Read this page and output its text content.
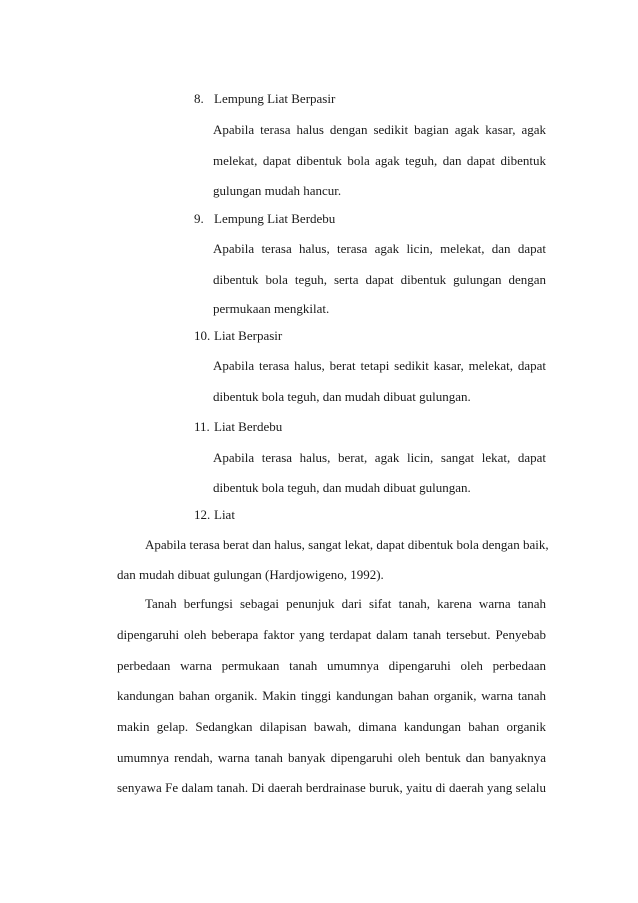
8. Lempung Liat Berpasir
Apabila terasa halus dengan sedikit bagian agak kasar, agak
melekat, dapat dibentuk bola agak teguh, dan dapat dibentuk
gulungan mudah hancur.
9. Lempung Liat Berdebu
Apabila terasa halus, terasa agak licin, melekat, dan dapat
dibentuk bola teguh, serta dapat dibentuk gulungan dengan
permukaan mengkilat.
10. Liat Berpasir
Apabila terasa halus, berat tetapi sedikit kasar, melekat, dapat
dibentuk bola teguh, dan mudah dibuat gulungan.
11. Liat Berdebu
Apabila terasa halus, berat, agak licin, sangat lekat, dapat
dibentuk bola teguh, dan mudah dibuat gulungan.
12. Liat
Apabila terasa berat dan halus, sangat lekat, dapat dibentuk bola dengan baik,
dan mudah dibuat gulungan (Hardjowigeno, 1992).
Tanah berfungsi sebagai penunjuk dari sifat tanah, karena warna tanah
dipengaruhi oleh beberapa faktor yang terdapat dalam tanah tersebut. Penyebab
perbedaan warna permukaan tanah umumnya dipengaruhi oleh perbedaan
kandungan bahan organik. Makin tinggi kandungan bahan organik, warna tanah
makin gelap. Sedangkan dilapisan bawah, dimana kandungan bahan organik
umumnya rendah, warna tanah banyak dipengaruhi oleh bentuk dan banyaknya
senyawa Fe dalam tanah. Di daerah berdrainase buruk, yaitu di daerah yang selalu
